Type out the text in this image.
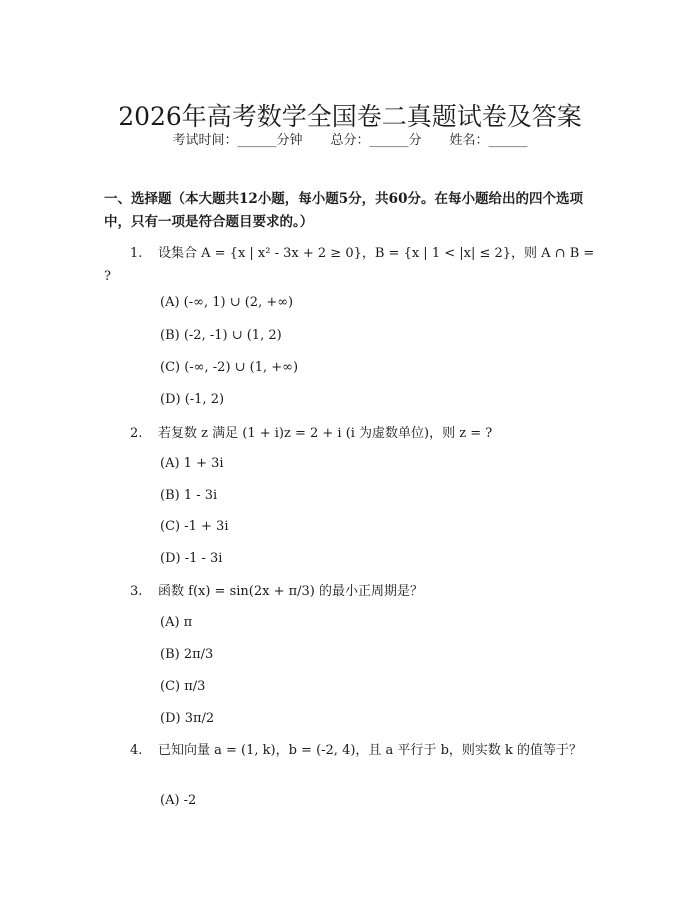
2026年高考数学全国卷二真题试卷及答案
考试时间：______分钟 总分：______分 姓名：______
一、选择题（本大题共12小题，每小题5分，共60分。在每小题给出的四个选项中，只有一项是符合题目要求的。）
1. 设集合 A = {x | x² - 3x + 2 ≥ 0}，B = {x | 1 < |x| ≤ 2}，则 A ∩ B = ?
(A) (-∞, 1) ∪ (2, +∞)
(B) (-2, -1) ∪ (1, 2)
(C) (-∞, -2) ∪ (1, +∞)
(D) (-1, 2)
2. 若复数 z 满足 (1 + i)z = 2 + i (i 为虚数单位)，则 z = ?
(A) 1 + 3i
(B) 1 - 3i
(C) -1 + 3i
(D) -1 - 3i
3. 函数 f(x) = sin(2x + π/3) 的最小正周期是？
(A) π
(B) 2π/3
(C) π/3
(D) 3π/2
4. 已知向量 a = (1, k)，b = (-2, 4)，且 a 平行于 b，则实数 k 的值等于？
(A) -2
